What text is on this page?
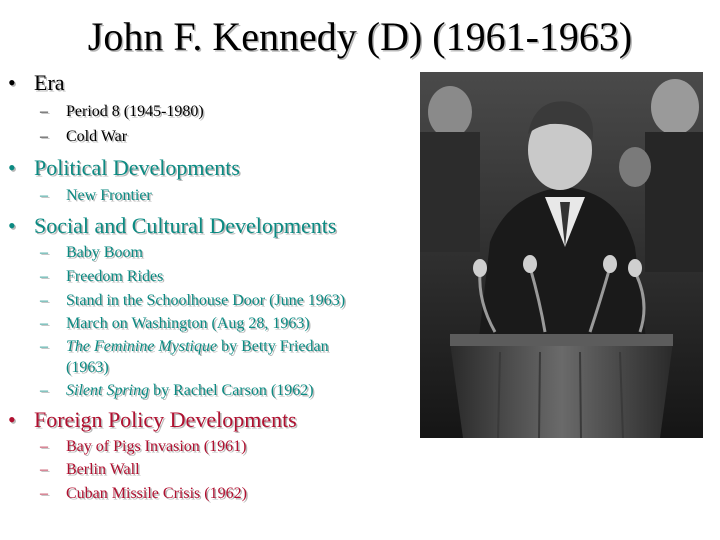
John F. Kennedy (D) (1961-1963)
• Era
– Period 8 (1945-1980)
– Cold War
• Political Developments
– New Frontier
• Social and Cultural Developments
– Baby Boom
– Freedom Rides
– Stand in the Schoolhouse Door (June 1963)
– March on Washington (Aug 28, 1963)
– The Feminine Mystique by Betty Friedan
(1963)
– Silent Spring by Rachel Carson (1962)
• Foreign Policy Developments
– Bay of Pigs Invasion (1961)
– Berlin Wall
– Cuban Missile Crisis (1962)
